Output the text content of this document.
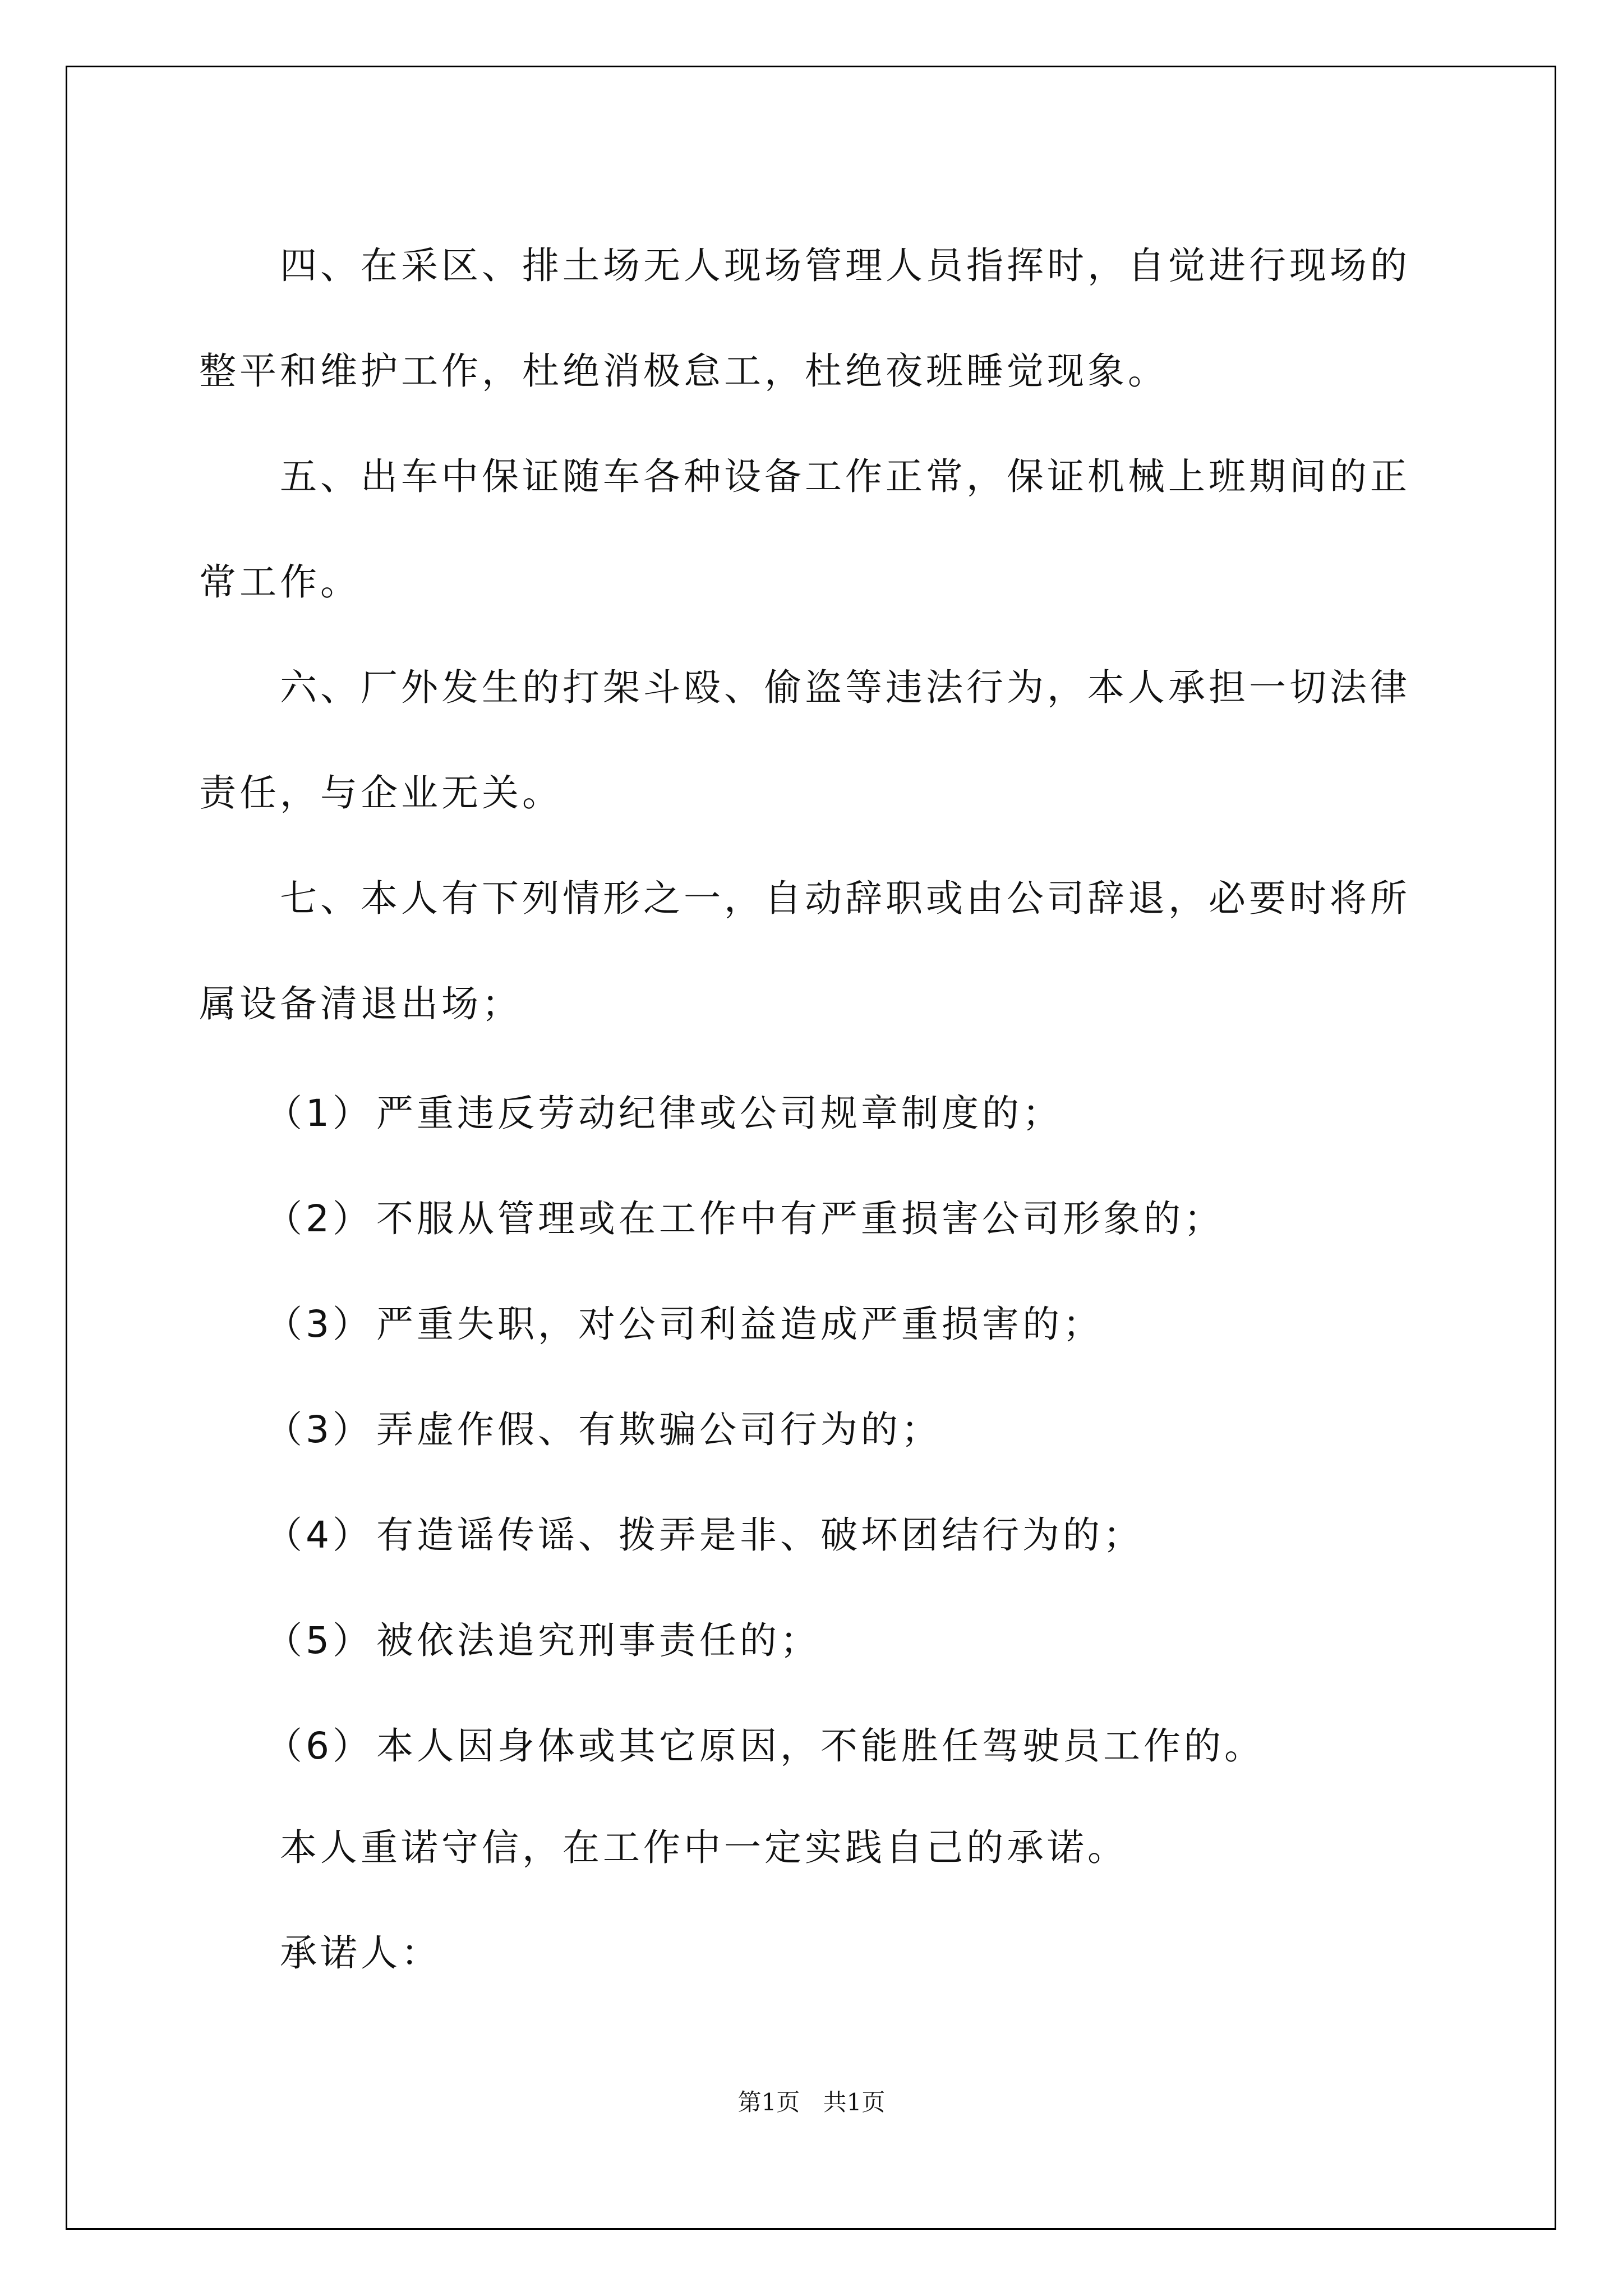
四、在采区、排土场无人现场管理人员指挥时，自觉进行现场的整平和维护工作，杜绝消极怠工，杜绝夜班睡觉现象。

五、出车中保证随车各种设备工作正常，保证机械上班期间的正常工作。

六、厂外发生的打架斗殴、偷盗等违法行为，本人承担一切法律责任，与企业无关。

七、本人有下列情形之一，自动辞职或由公司辞退，必要时将所属设备清退出场；

（1） 严重违反劳动纪律或公司规章制度的；
（2） 不服从管理或在工作中有严重损害公司形象的；
（3） 严重失职，对公司利益造成严重损害的；
（3） 弄虚作假、有欺骗公司行为的；
（4） 有造谣传谣、拨弄是非、破坏团结行为的；
（5） 被依法追究刑事责任的；
（6） 本人因身体或其它原因，不能胜任驾驶员工作的。

本人重诺守信，在工作中一定实践自己的承诺。

承诺人：

第1页 共1页
